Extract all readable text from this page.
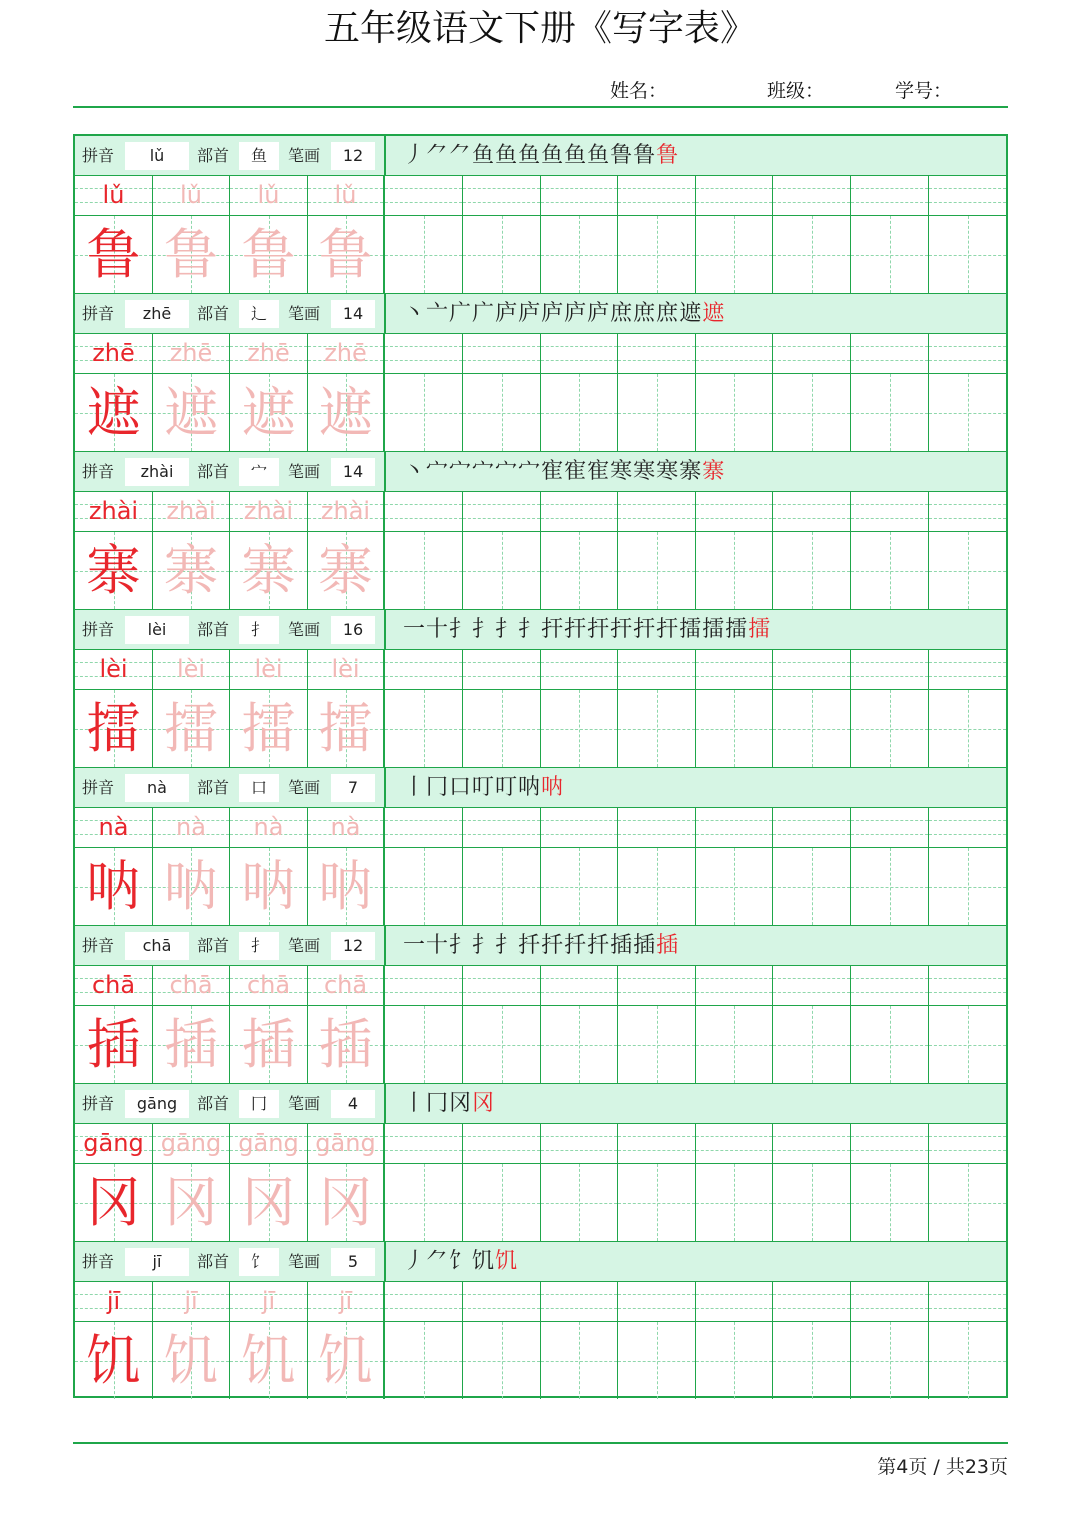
五年级语文下册《写字表》
姓名：	班级：	学号：
拼音	lǔ	部首	鱼	笔画	12	丿⺈⺈鱼鱼鱼鱼鱼鱼鲁鲁鲁
lǔ	lǔ	lǔ	lǔ
鲁 鲁 鲁 鲁
拼音	zhē	部首	辶	笔画	14	丶亠广广庐庐庐庐庐庶庶庶遮遮
zhē	zhē	zhē	zhē
遮 遮 遮 遮
拼音	zhài	部首	宀	笔画	14	丶宀宀宀宀宀寉寉寉寒寒寒寨寨
zhài	zhài	zhài	zhài
寨 寨 寨 寨
拼音	lèi	部首	扌	笔画	16	一十扌扌扌扌扞扞扞扞扞扞擂擂擂擂
lèi	lèi	lèi	lèi
擂 擂 擂 擂
拼音	nà	部首	口	笔画	7	丨冂口叮叮呐呐
nà	nà	nà	nà
呐 呐 呐 呐
拼音	chā	部首	扌	笔画	12	一十扌扌扌扦扦扦扦插插插
chā	chā	chā	chā
插 插 插 插
拼音	gāng	部首	冂	笔画	4	丨冂冈冈
gāng gāng gāng gāng
冈 冈 冈 冈
拼音	jī	部首	饣	笔画	5	丿⺈饣饥饥
jī	jī	jī	jī
饥 饥 饥 饥
第4页 / 共23页
